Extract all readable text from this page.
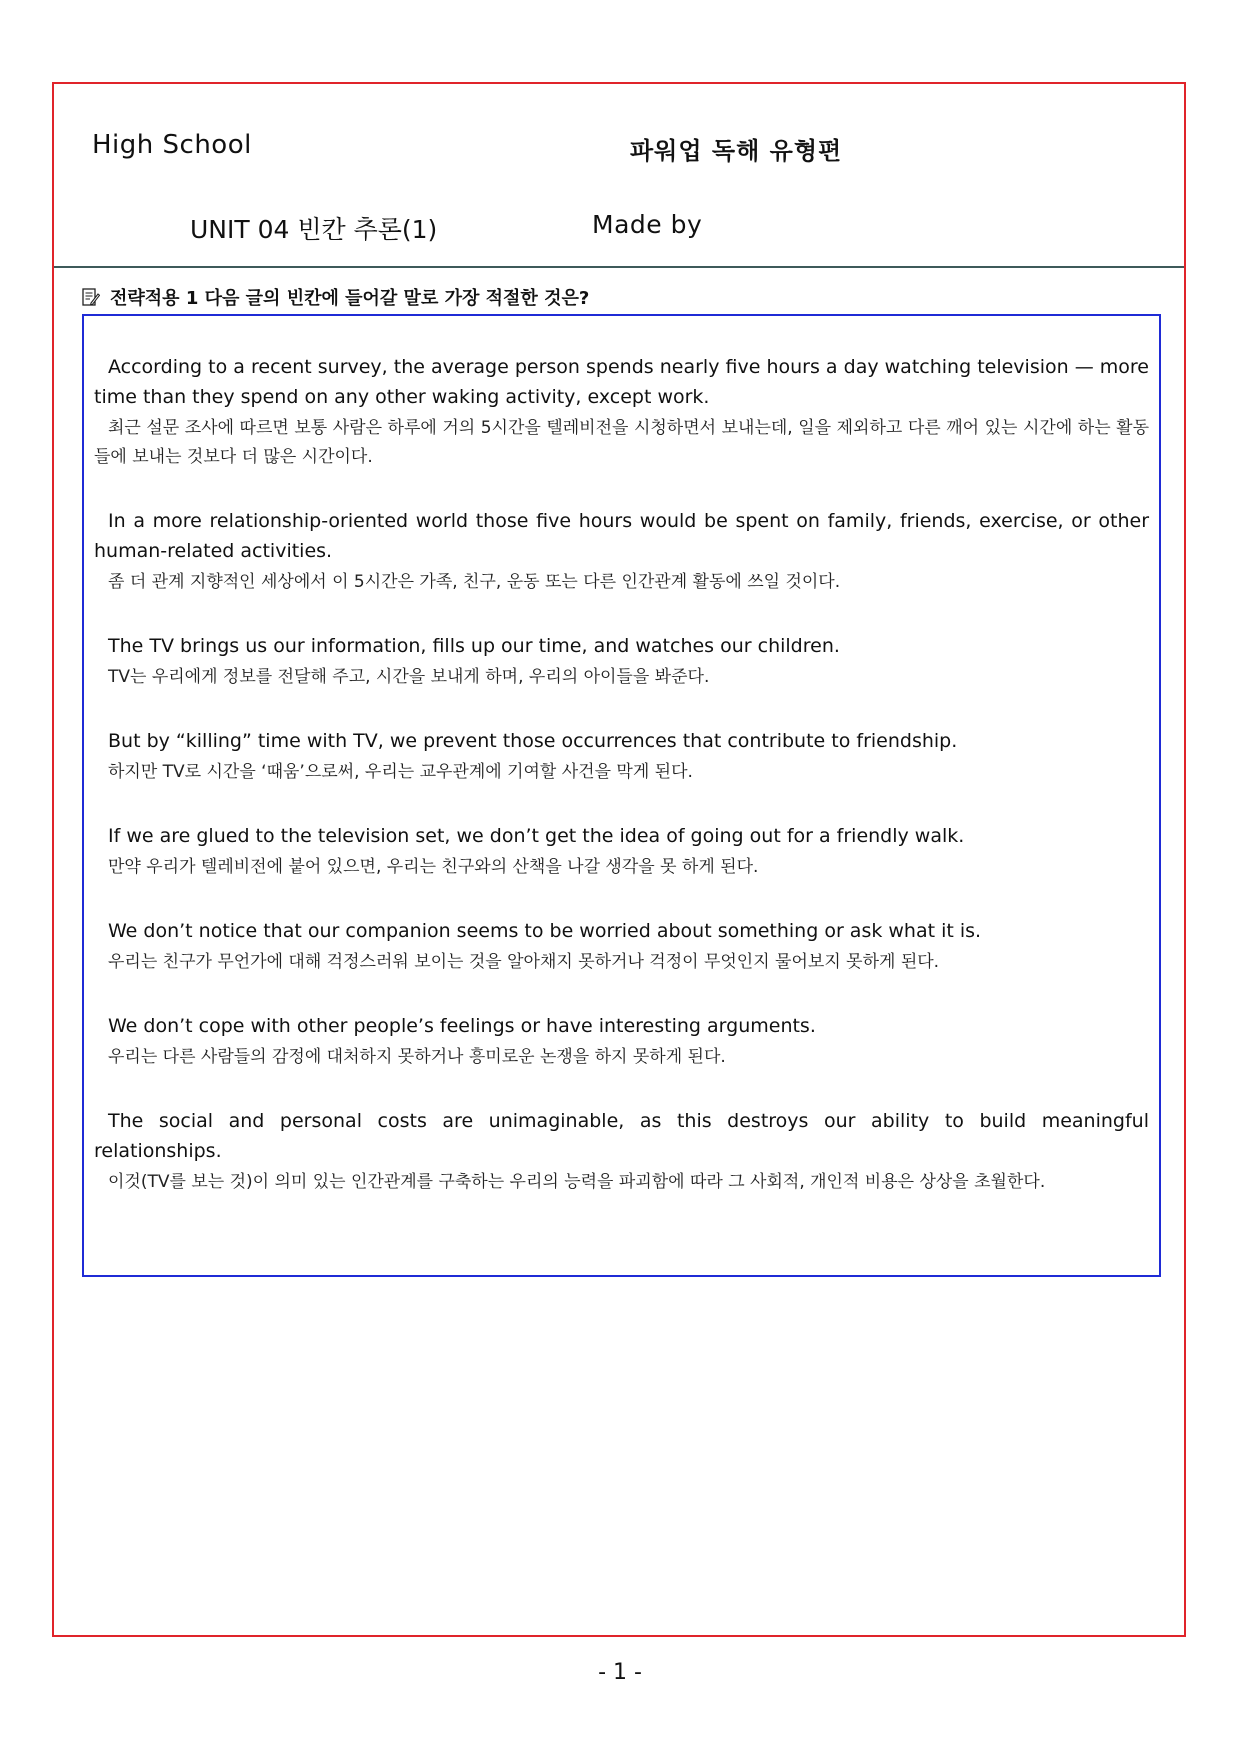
High School	파워업 독해 유형편
UNIT 04 빈칸 추론(1)	Made by
전략적용 1 다음 글의 빈칸에 들어갈 말로 가장 적절한 것은?
According to a recent survey, the average person spends nearly five hours a day watching television — more time than they spend on any other waking activity, except work.
최근 설문 조사에 따르면 보통 사람은 하루에 거의 5시간을 텔레비전을 시청하면서 보내는데, 일을 제외하고 다른 깨어 있는 시간에 하는 활동들에 보내는 것보다 더 많은 시간이다.
In a more relationship-oriented world those five hours would be spent on family, friends, exercise, or other human-related activities.
좀 더 관계 지향적인 세상에서 이 5시간은 가족, 친구, 운동 또는 다른 인간관계 활동에 쓰일 것이다.
The TV brings us our information, fills up our time, and watches our children.
TV는 우리에게 정보를 전달해 주고, 시간을 보내게 하며, 우리의 아이들을 봐준다.
But by “killing” time with TV, we prevent those occurrences that contribute to friendship.
하지만 TV로 시간을 ‘때움’으로써, 우리는 교우관계에 기여할 사건을 막게 된다.
If we are glued to the television set, we don’t get the idea of going out for a friendly walk.
만약 우리가 텔레비전에 붙어 있으면, 우리는 친구와의 산책을 나갈 생각을 못 하게 된다.
We don’t notice that our companion seems to be worried about something or ask what it is.
우리는 친구가 무언가에 대해 걱정스러워 보이는 것을 알아채지 못하거나 걱정이 무엇인지 물어보지 못하게 된다.
We don’t cope with other people’s feelings or have interesting arguments.
우리는 다른 사람들의 감정에 대처하지 못하거나 흥미로운 논쟁을 하지 못하게 된다.
The social and personal costs are unimaginable, as this destroys our ability to build meaningful relationships.
이것(TV를 보는 것)이 의미 있는 인간관계를 구축하는 우리의 능력을 파괴함에 따라 그 사회적, 개인적 비용은 상상을 초월한다.
- 1 -
